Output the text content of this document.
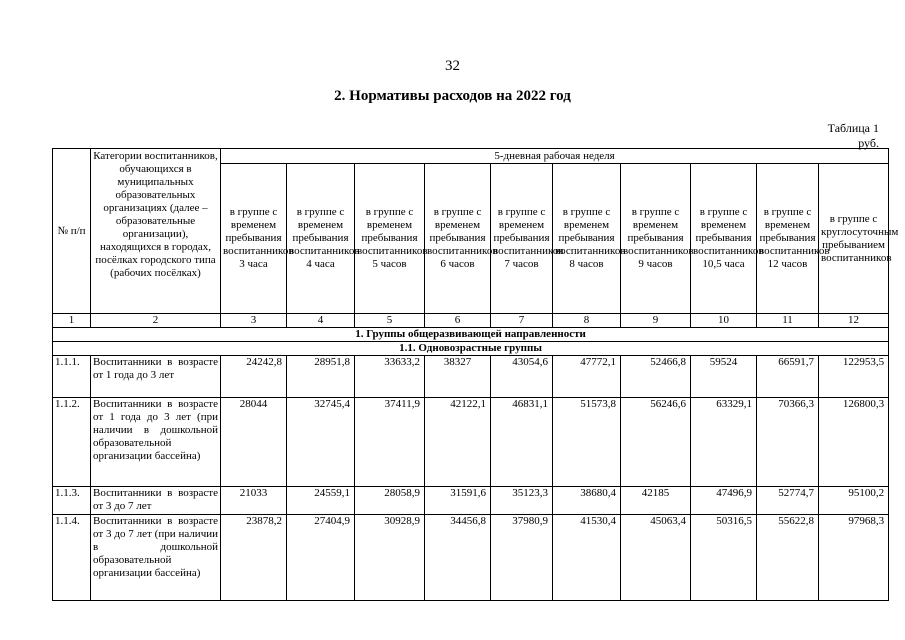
32
2. Нормативы расходов на 2022 год
Таблица 1
руб.
№ п/п	Категории воспитанников, обучающихся в муниципальных образовательных организациях (далее – образовательные организации), находящихся в городах, посёлках городского типа (рабочих посёлках)	5-дневная рабочая неделя									
		в группе с временем пребывания воспитанников 3 часа	в группе с временем пребывания воспитанников 4 часа	в группе с временем пребывания воспитанников 5 часов	в группе с временем пребывания воспитанников 6 часов	в группе с временем пребывания воспитанников 7 часов	в группе с временем пребывания воспитанников 8 часов	в группе с временем пребывания воспитанников 9 часов	в группе с временем пребывания воспитанников 10,5 часа	в группе с временем пребывания воспитанников 12 часов	в группе с круглосуточным пребыванием воспитанников
1	2	3	4	5	6	7	8	9	10	11	12
1. Группы общеразвивающей направленности											
1.1. Одновозрастные группы											
1.1.1.	Воспитанники в возрасте от 1 года до 3 лет	24242,8	28951,8	33633,2	38327	43054,6	47772,1	52466,8	59524	66591,7	122953,5
1.1.2.	Воспитанники в возрасте от 1 года до 3 лет (при наличии в дошкольной образовательной организации бассейна)	28044	32745,4	37411,9	42122,1	46831,1	51573,8	56246,6	63329,1	70366,3	126800,3
1.1.3.	Воспитанники в возрасте от 3 до 7 лет	21033	24559,1	28058,9	31591,6	35123,3	38680,4	42185	47496,9	52774,7	95100,2
1.1.4.	Воспитанники в возрасте от 3 до 7 лет (при наличии в дошкольной образовательной организации бассейна)	23878,2	27404,9	30928,9	34456,8	37980,9	41530,4	45063,4	50316,5	55622,8	97968,3
